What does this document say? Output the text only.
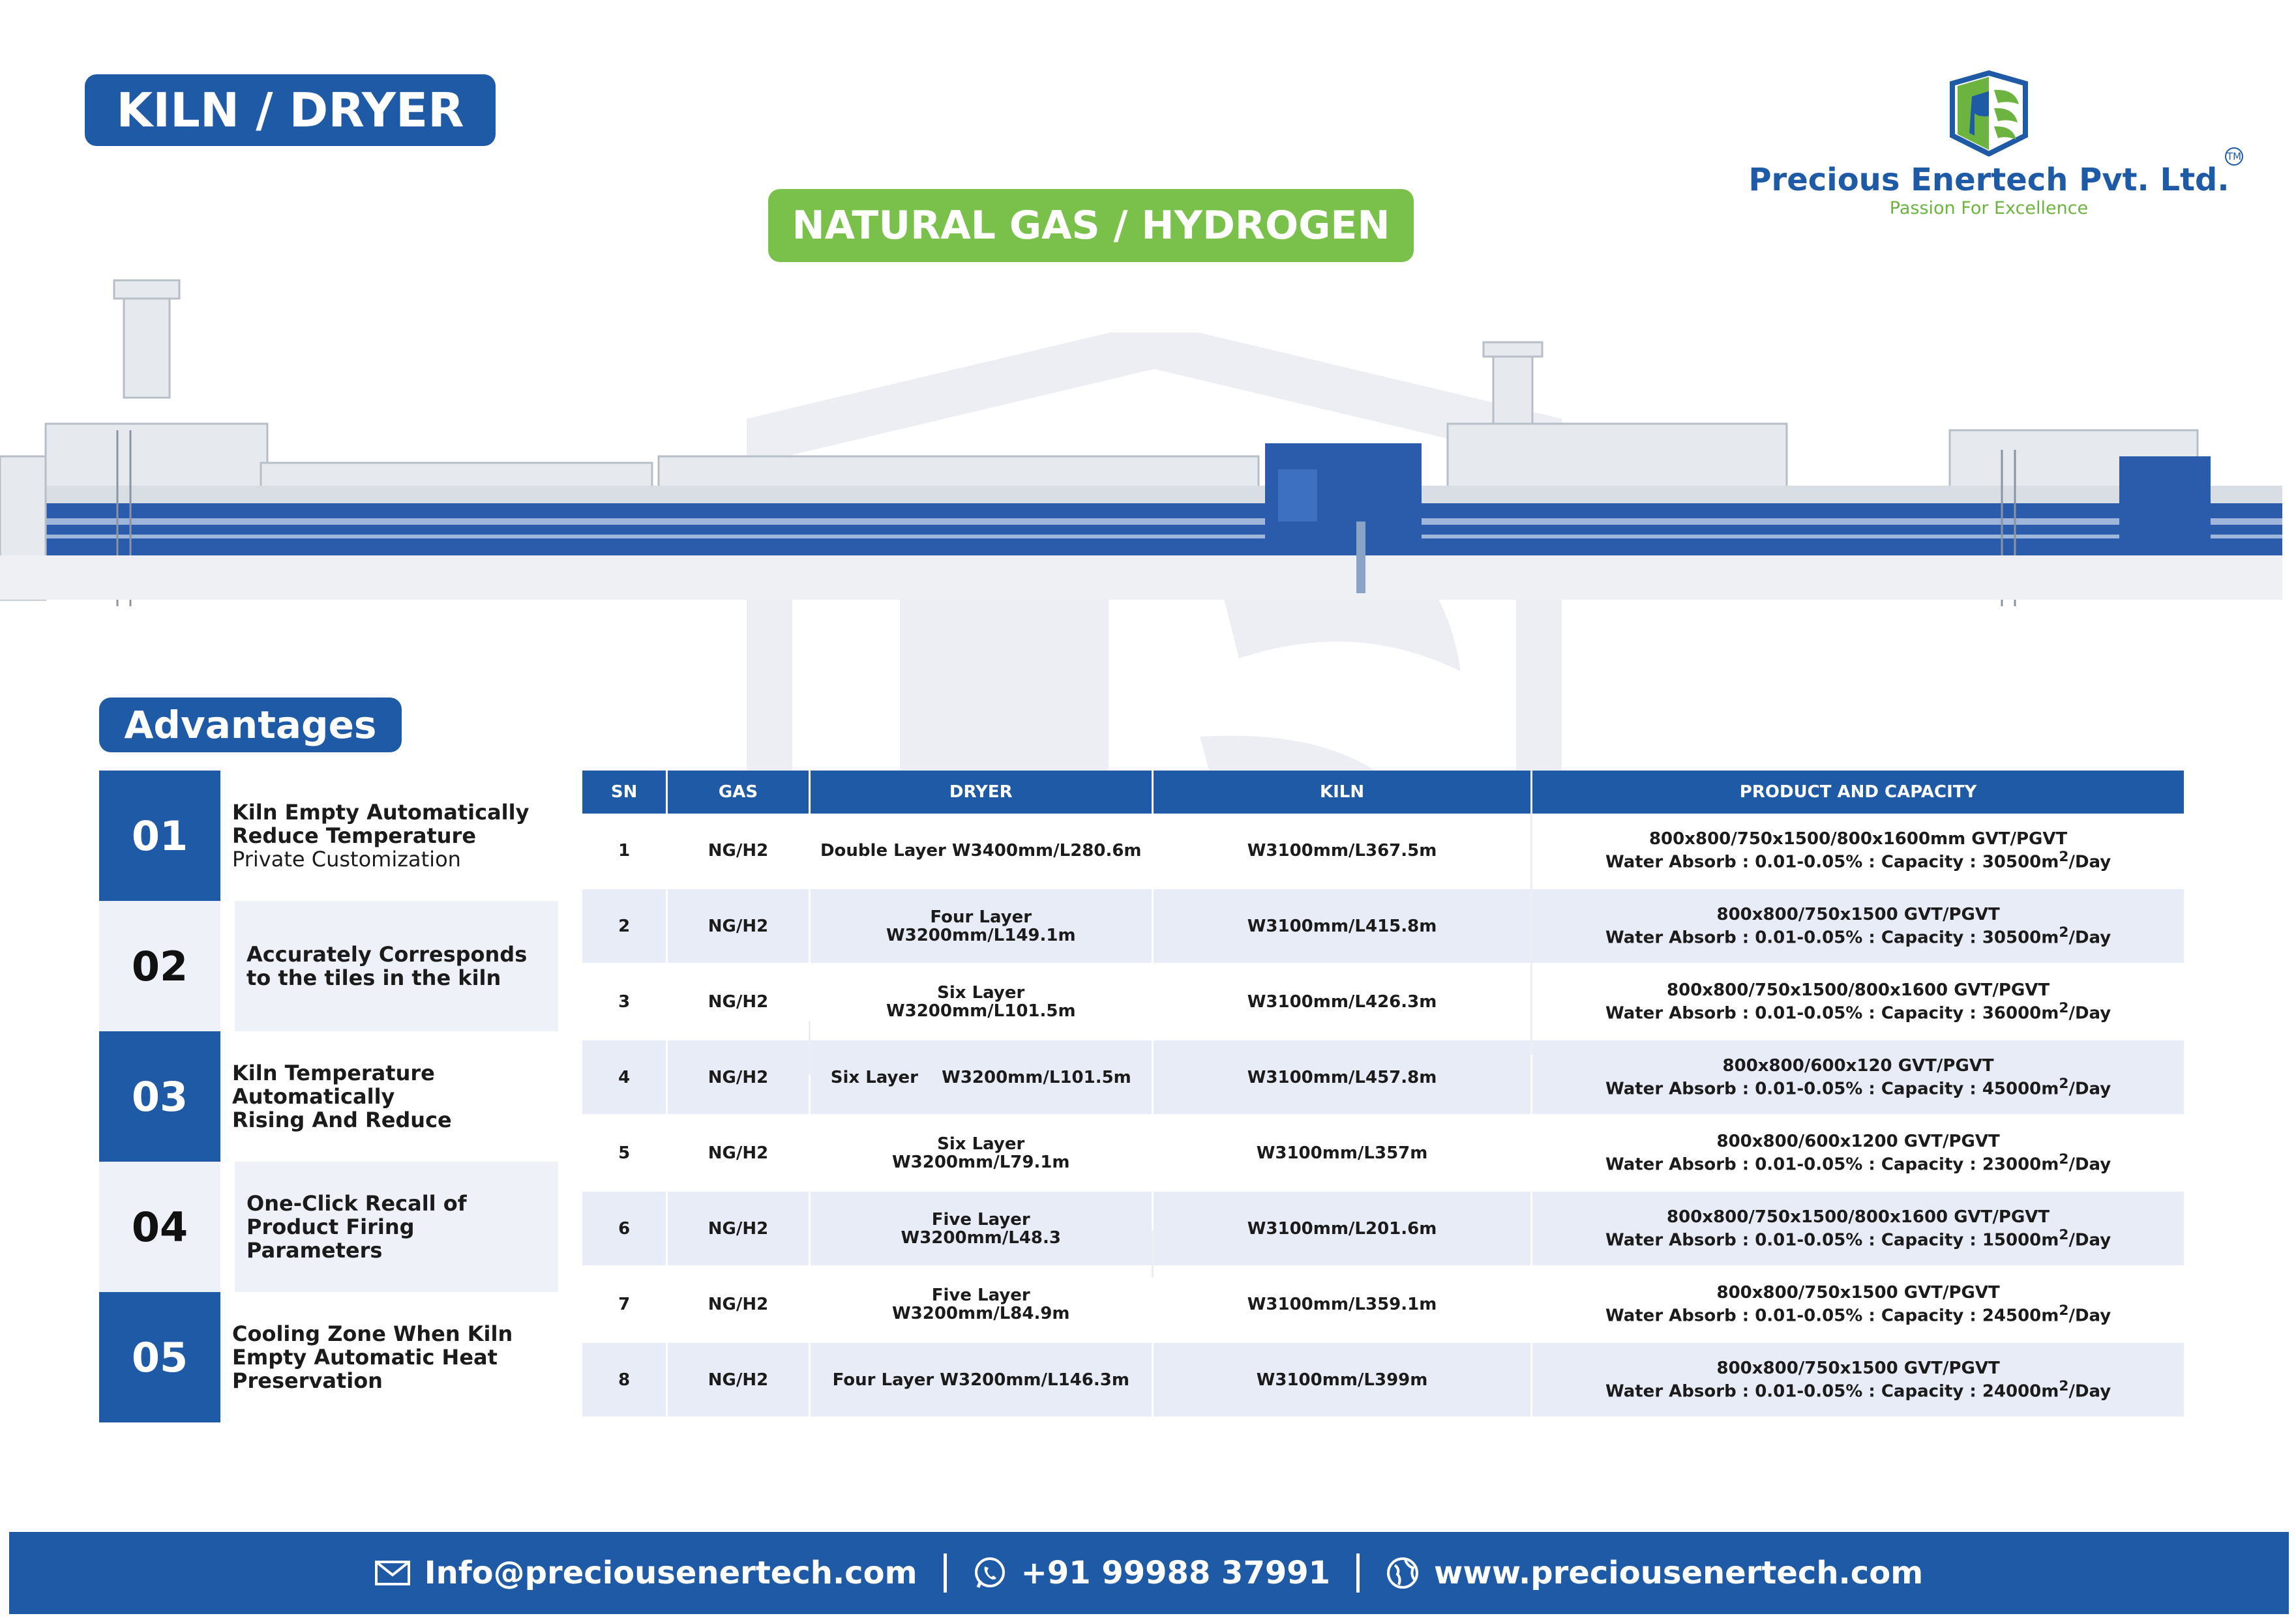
KILN / DRYER
NATURAL GAS / HYDROGEN
Precious Enertech Pvt. Ltd.
TM
Passion For Excellence
Advantages
01	Kiln Empty Automatically
Reduce Temperature
Private Customization
02	Accurately Corresponds
to the tiles in the kiln
03	Kiln Temperature
Automatically
Rising And Reduce
04	One-Click Recall of
Product Firing
Parameters
05	Cooling Zone When Kiln
Empty Automatic Heat
Preservation
SN	GAS	DRYER	KILN	PRODUCT AND CAPACITY
1	NG/H2	Double Layer W3400mm/L280.6m	W3100mm/L367.5m	800x800/750x1500/800x1600mm GVT/PGVT
Water Absorb : 0.01-0.05% : Capacity : $30500m^2$/Day
2	NG/H2	Four Layer
W3200mm/L149.1m	W3100mm/L415.8m	800x800/750x1500 GVT/PGVT
Water Absorb : 0.01-0.05% : Capacity : $30500m^2$/Day
3	NG/H2	Six Layer
W3200mm/L101.5m	W3100mm/L426.3m	800x800/750x1500/800x1600 GVT/PGVT
Water Absorb : 0.01-0.05% : Capacity : $36000m^2$/Day
4	NG/H2	Six Layer    W3200mm/L101.5m	W3100mm/L457.8m	800x800/600x120 GVT/PGVT
Water Absorb : 0.01-0.05% : Capacity : $45000m^2$/Day
5	NG/H2	Six Layer
W3200mm/L79.1m	W3100mm/L357m	800x800/600x1200 GVT/PGVT
Water Absorb : 0.01-0.05% : Capacity : $23000m^2$/Day
6	NG/H2	Five Layer
W3200mm/L48.3	W3100mm/L201.6m	800x800/750x1500/800x1600 GVT/PGVT
Water Absorb : 0.01-0.05% : Capacity : $15000m^2$/Day
7	NG/H2	Five Layer
W3200mm/L84.9m	W3100mm/L359.1m	800x800/750x1500 GVT/PGVT
Water Absorb : 0.01-0.05% : Capacity : $24500m^2$/Day
8	NG/H2	Four Layer W3200mm/L146.3m	W3100mm/L399m	800x800/750x1500 GVT/PGVT
Water Absorb : 0.01-0.05% : Capacity : $24000m^2$/Day
Info@preciousenertech.com	+91 99988 37991	www.preciousenertech.com
